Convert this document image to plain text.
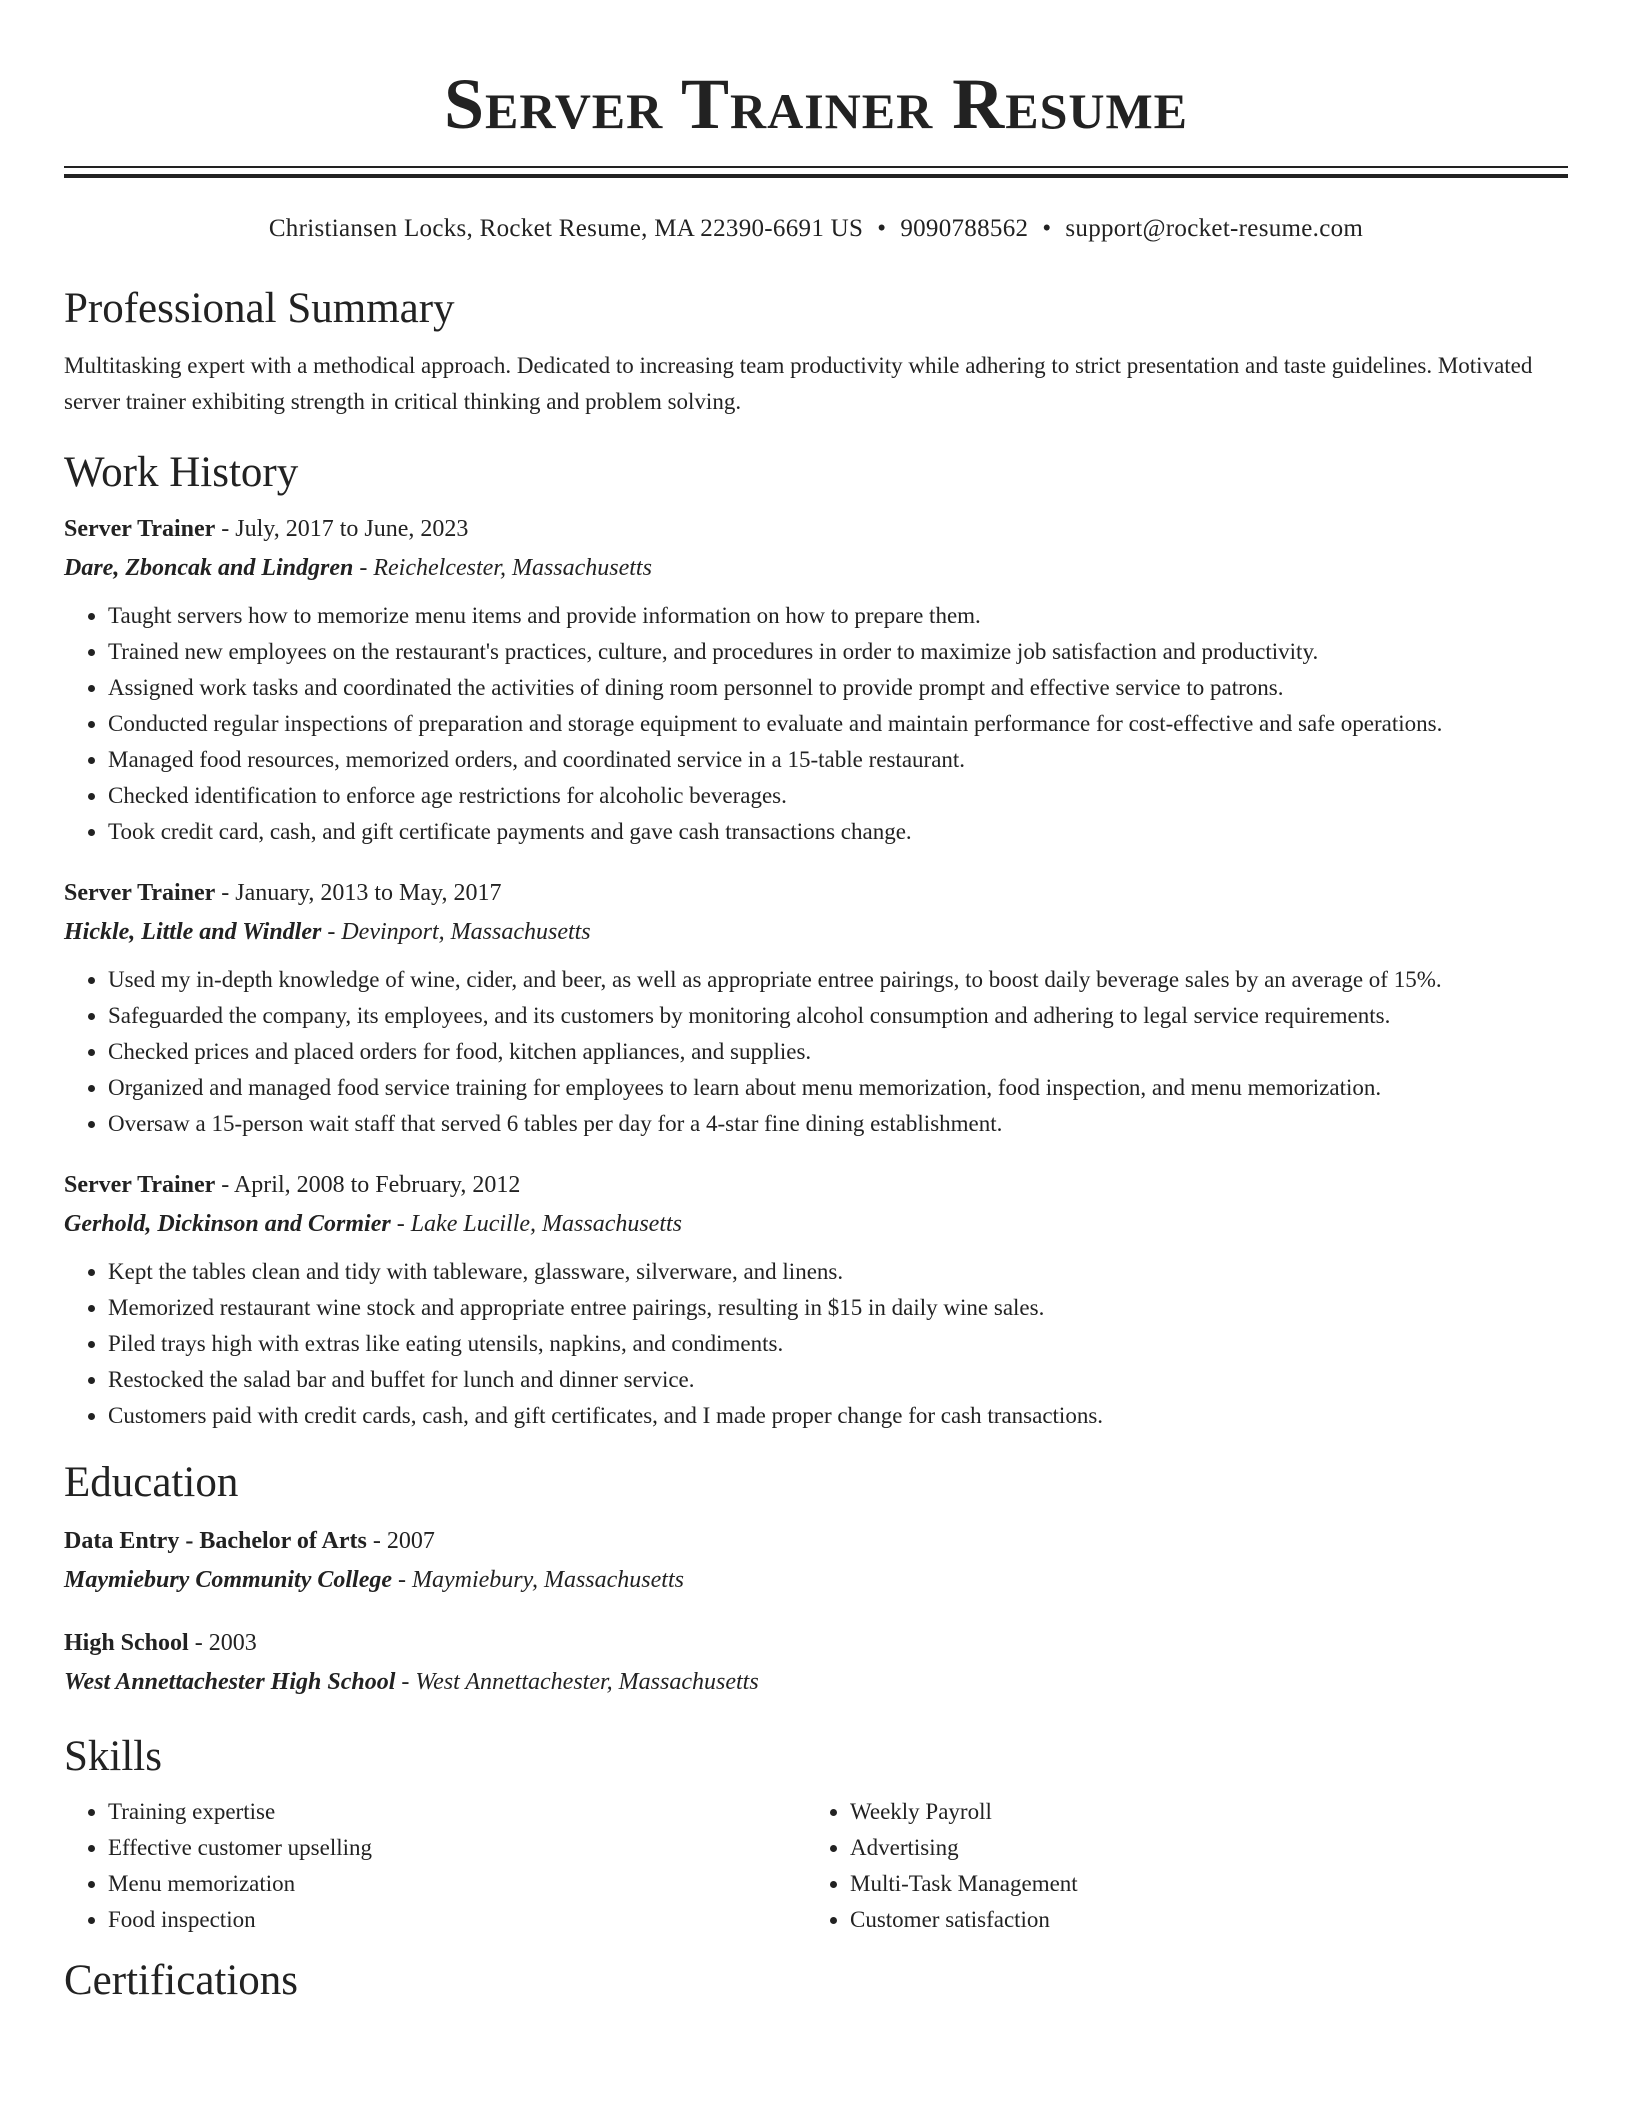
Server Trainer Resume
Christiansen Locks, Rocket Resume, MA 22390-6691 US • 9090788562 • support@rocket-resume.com
Professional Summary
Multitasking expert with a methodical approach. Dedicated to increasing team productivity while adhering to strict presentation and taste guidelines. Motivated server trainer exhibiting strength in critical thinking and problem solving.
Work History
Server Trainer - July, 2017 to June, 2023
Dare, Zboncak and Lindgren - Reichelcester, Massachusetts
• Taught servers how to memorize menu items and provide information on how to prepare them.
• Trained new employees on the restaurant's practices, culture, and procedures in order to maximize job satisfaction and productivity.
• Assigned work tasks and coordinated the activities of dining room personnel to provide prompt and effective service to patrons.
• Conducted regular inspections of preparation and storage equipment to evaluate and maintain performance for cost-effective and safe operations.
• Managed food resources, memorized orders, and coordinated service in a 15-table restaurant.
• Checked identification to enforce age restrictions for alcoholic beverages.
• Took credit card, cash, and gift certificate payments and gave cash transactions change.
Server Trainer - January, 2013 to May, 2017
Hickle, Little and Windler - Devinport, Massachusetts
• Used my in-depth knowledge of wine, cider, and beer, as well as appropriate entree pairings, to boost daily beverage sales by an average of 15%.
• Safeguarded the company, its employees, and its customers by monitoring alcohol consumption and adhering to legal service requirements.
• Checked prices and placed orders for food, kitchen appliances, and supplies.
• Organized and managed food service training for employees to learn about menu memorization, food inspection, and menu memorization.
• Oversaw a 15-person wait staff that served 6 tables per day for a 4-star fine dining establishment.
Server Trainer - April, 2008 to February, 2012
Gerhold, Dickinson and Cormier - Lake Lucille, Massachusetts
• Kept the tables clean and tidy with tableware, glassware, silverware, and linens.
• Memorized restaurant wine stock and appropriate entree pairings, resulting in $15 in daily wine sales.
• Piled trays high with extras like eating utensils, napkins, and condiments.
• Restocked the salad bar and buffet for lunch and dinner service.
• Customers paid with credit cards, cash, and gift certificates, and I made proper change for cash transactions.
Education
Data Entry - Bachelor of Arts - 2007
Maymiebury Community College - Maymiebury, Massachusetts
High School - 2003
West Annettachester High School - West Annettachester, Massachusetts
Skills
• Training expertise
• Effective customer upselling
• Menu memorization
• Food inspection
• Weekly Payroll
• Advertising
• Multi-Task Management
• Customer satisfaction
Certifications
